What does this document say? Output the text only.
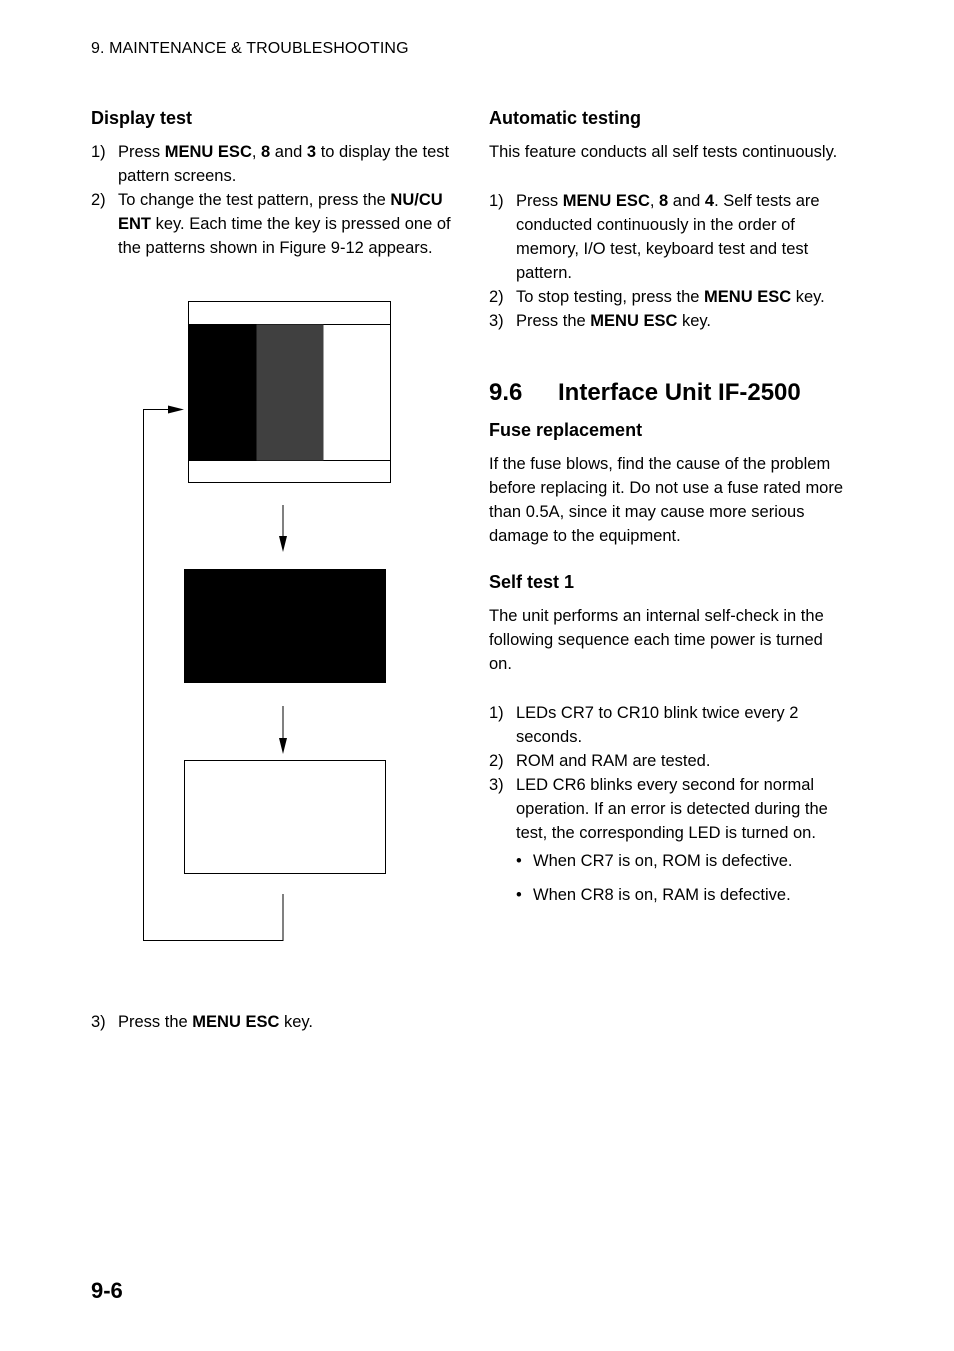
9. MAINTENANCE & TROUBLESHOOTING
Display test
1) Press MENU ESC, 8 and 3 to display the test pattern screens.
2) To change the test pattern, press the NU/CU ENT key. Each time the key is pressed one of the patterns shown in Figure 9-12 appears.
3) Press the MENU ESC key.
Automatic testing

This feature conducts all self tests continuously.

1) Press MENU ESC, 8 and 4. Self tests are conducted continuously in the order of memory, I/O test, keyboard test and test pattern.
2) To stop testing, press the MENU ESC key.
3) Press the MENU ESC key.
9.6 Interface Unit IF-2500
Fuse replacement

If the fuse blows, find the cause of the problem before replacing it. Do not use a fuse rated more than 0.5A, since it may cause more serious damage to the equipment.

Self test 1

The unit performs an internal self-check in the following sequence each time power is turned on.

1) LEDs CR7 to CR10 blink twice every 2 seconds.
2) ROM and RAM are tested.
3) LED CR6 blinks every second for normal operation. If an error is detected during the test, the corresponding LED is turned on.
• When CR7 is on, ROM is defective.
• When CR8 is on, RAM is defective.
9-6
